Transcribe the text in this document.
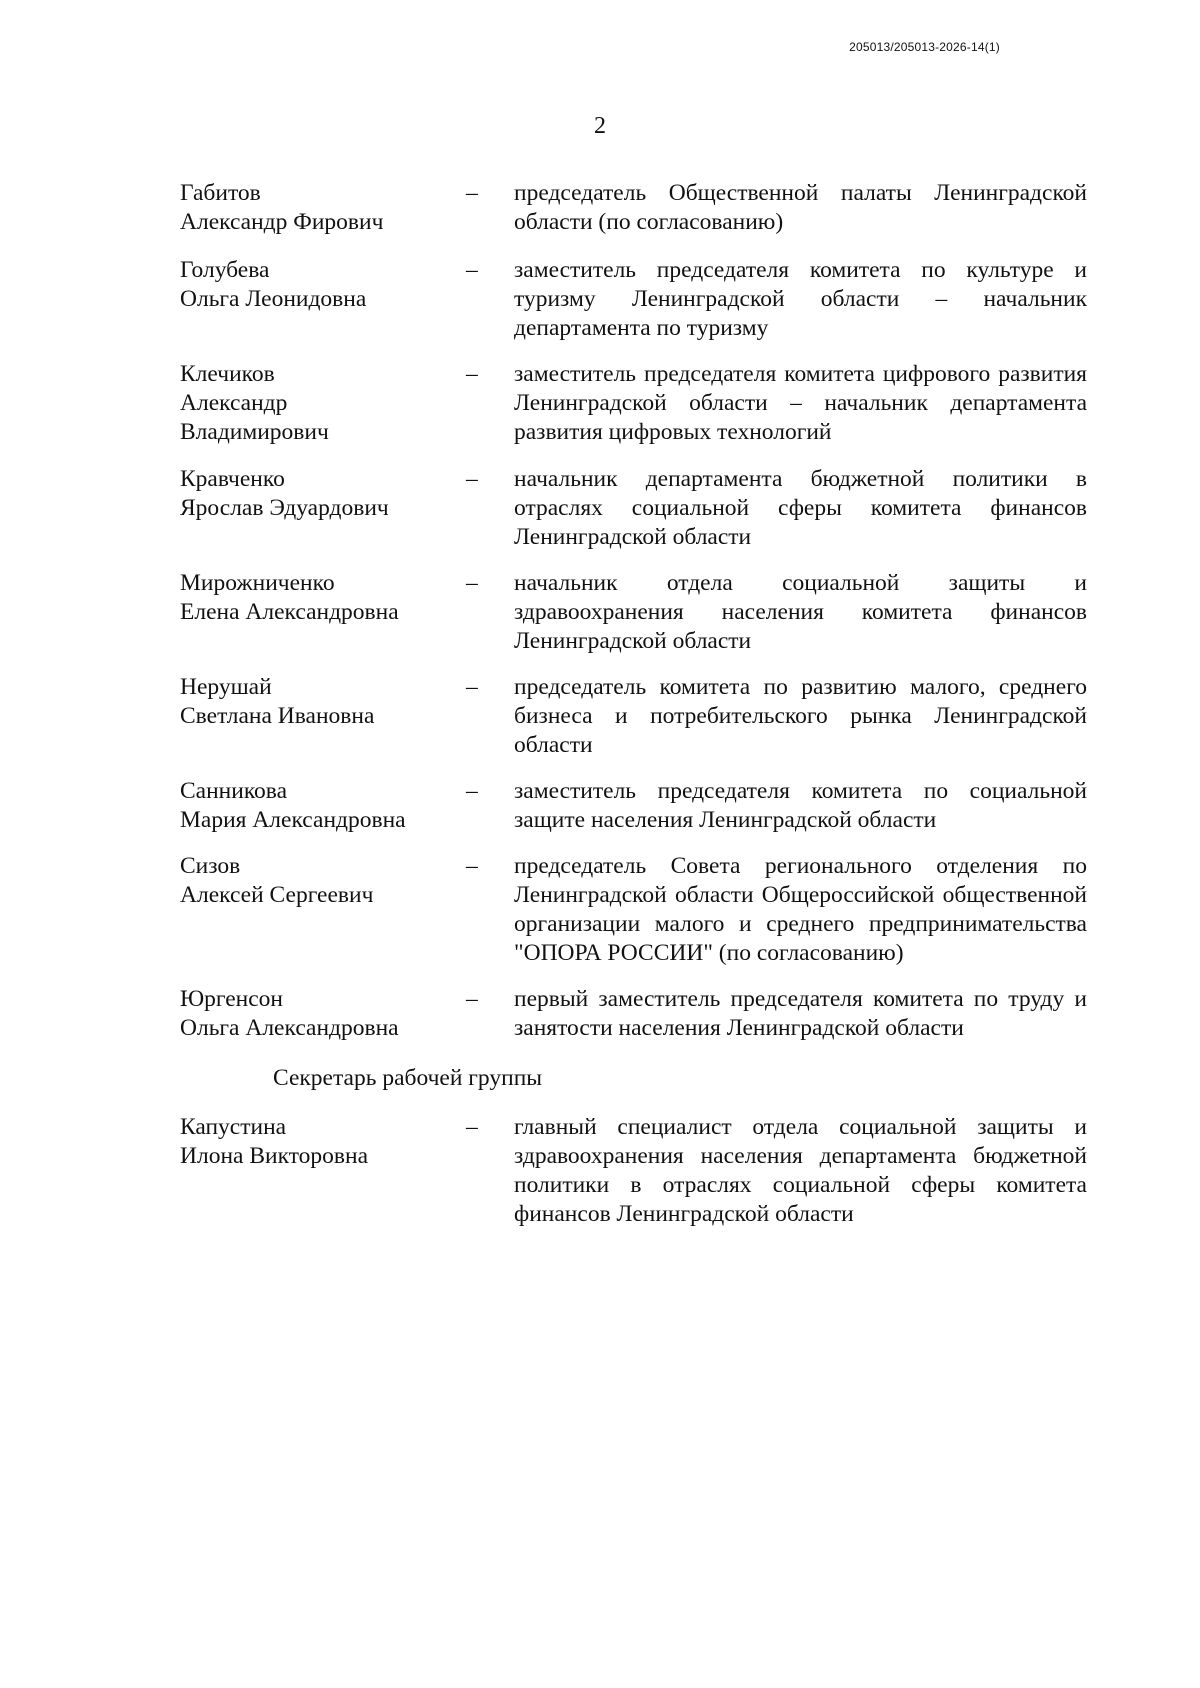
205013/205013-2026-14(1)
2
Габитов
Александр Фирович
– председатель Общественной палаты Ленинградской области (по согласованию)
Голубева
Ольга Леонидовна
– заместитель председателя комитета по культуре и туризму Ленинградской области – начальник департамента по туризму
Клечиков
Александр Владимирович
– заместитель председателя комитета цифрового развития Ленинградской области – начальник департамента развития цифровых технологий
Кравченко
Ярослав Эдуардович
– начальник департамента бюджетной политики в отраслях социальной сферы комитета финансов Ленинградской области
Мирожниченко
Елена Александровна
– начальник отдела социальной защиты и здравоохранения населения комитета финансов Ленинградской области
Нерушай
Светлана Ивановна
– председатель комитета по развитию малого, среднего бизнеса и потребительского рынка Ленинградской области
Санникова
Мария Александровна
– заместитель председателя комитета по социальной защите населения Ленинградской области
Сизов
Алексей Сергеевич
– председатель Совета регионального отделения по Ленинградской области Общероссийской общественной организации малого и среднего предпринимательства "ОПОРА РОССИИ" (по согласованию)
Юргенсон
Ольга Александровна
– первый заместитель председателя комитета по труду и занятости населения Ленинградской области
Секретарь рабочей группы
Капустина
Илона Викторовна
– главный специалист отдела социальной защиты и здравоохранения населения департамента бюджетной политики в отраслях социальной сферы комитета финансов Ленинградской области
